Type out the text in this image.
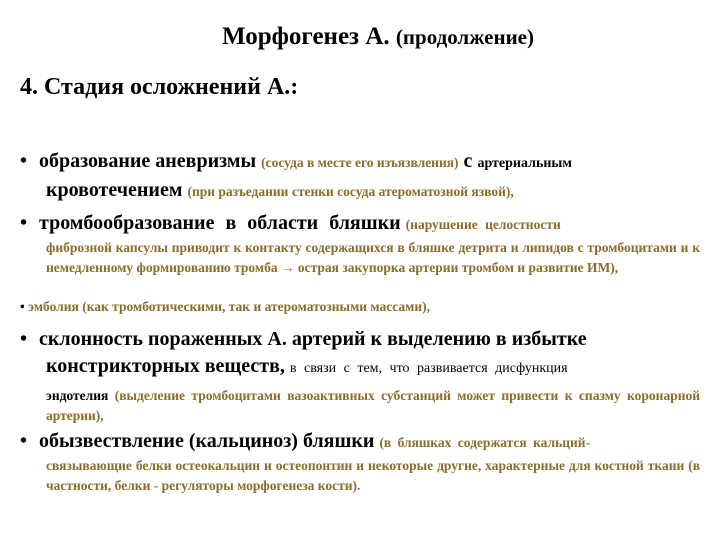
Морфогенез А. (продолжение)
4. Стадия осложнений А.:
• образование аневризмы (сосуда в месте его изъязвления) с артериальным
кровотечением (при разъедании стенки сосуда атероматозной язвой),
• тромбообразование в области бляшки (нарушение целостности
фиброзной капсулы приводит к контакту содержащихся в бляшке детрита и липидов с тромбоцитами и к немедленному формированию тромба → острая закупорка артерии тромбом и развитие ИМ),
• эмболия (как тромботическими, так и атероматозными массами),
• склонность пораженных А. артерий к выделению в избытке
констрикторных веществ, в связи с тем, что развивается дисфункция
эндотелия (выделение тромбоцитами вазоактивных субстанций может привести к спазму коронарной артерии),
• обызвествление (кальциноз) бляшки (в бляшках содержатся кальций-
связывающие белки остеокальцин и остеопонтин и некоторые другие, характерные для костной ткани (в частности, белки - регуляторы морфогенеза кости).
